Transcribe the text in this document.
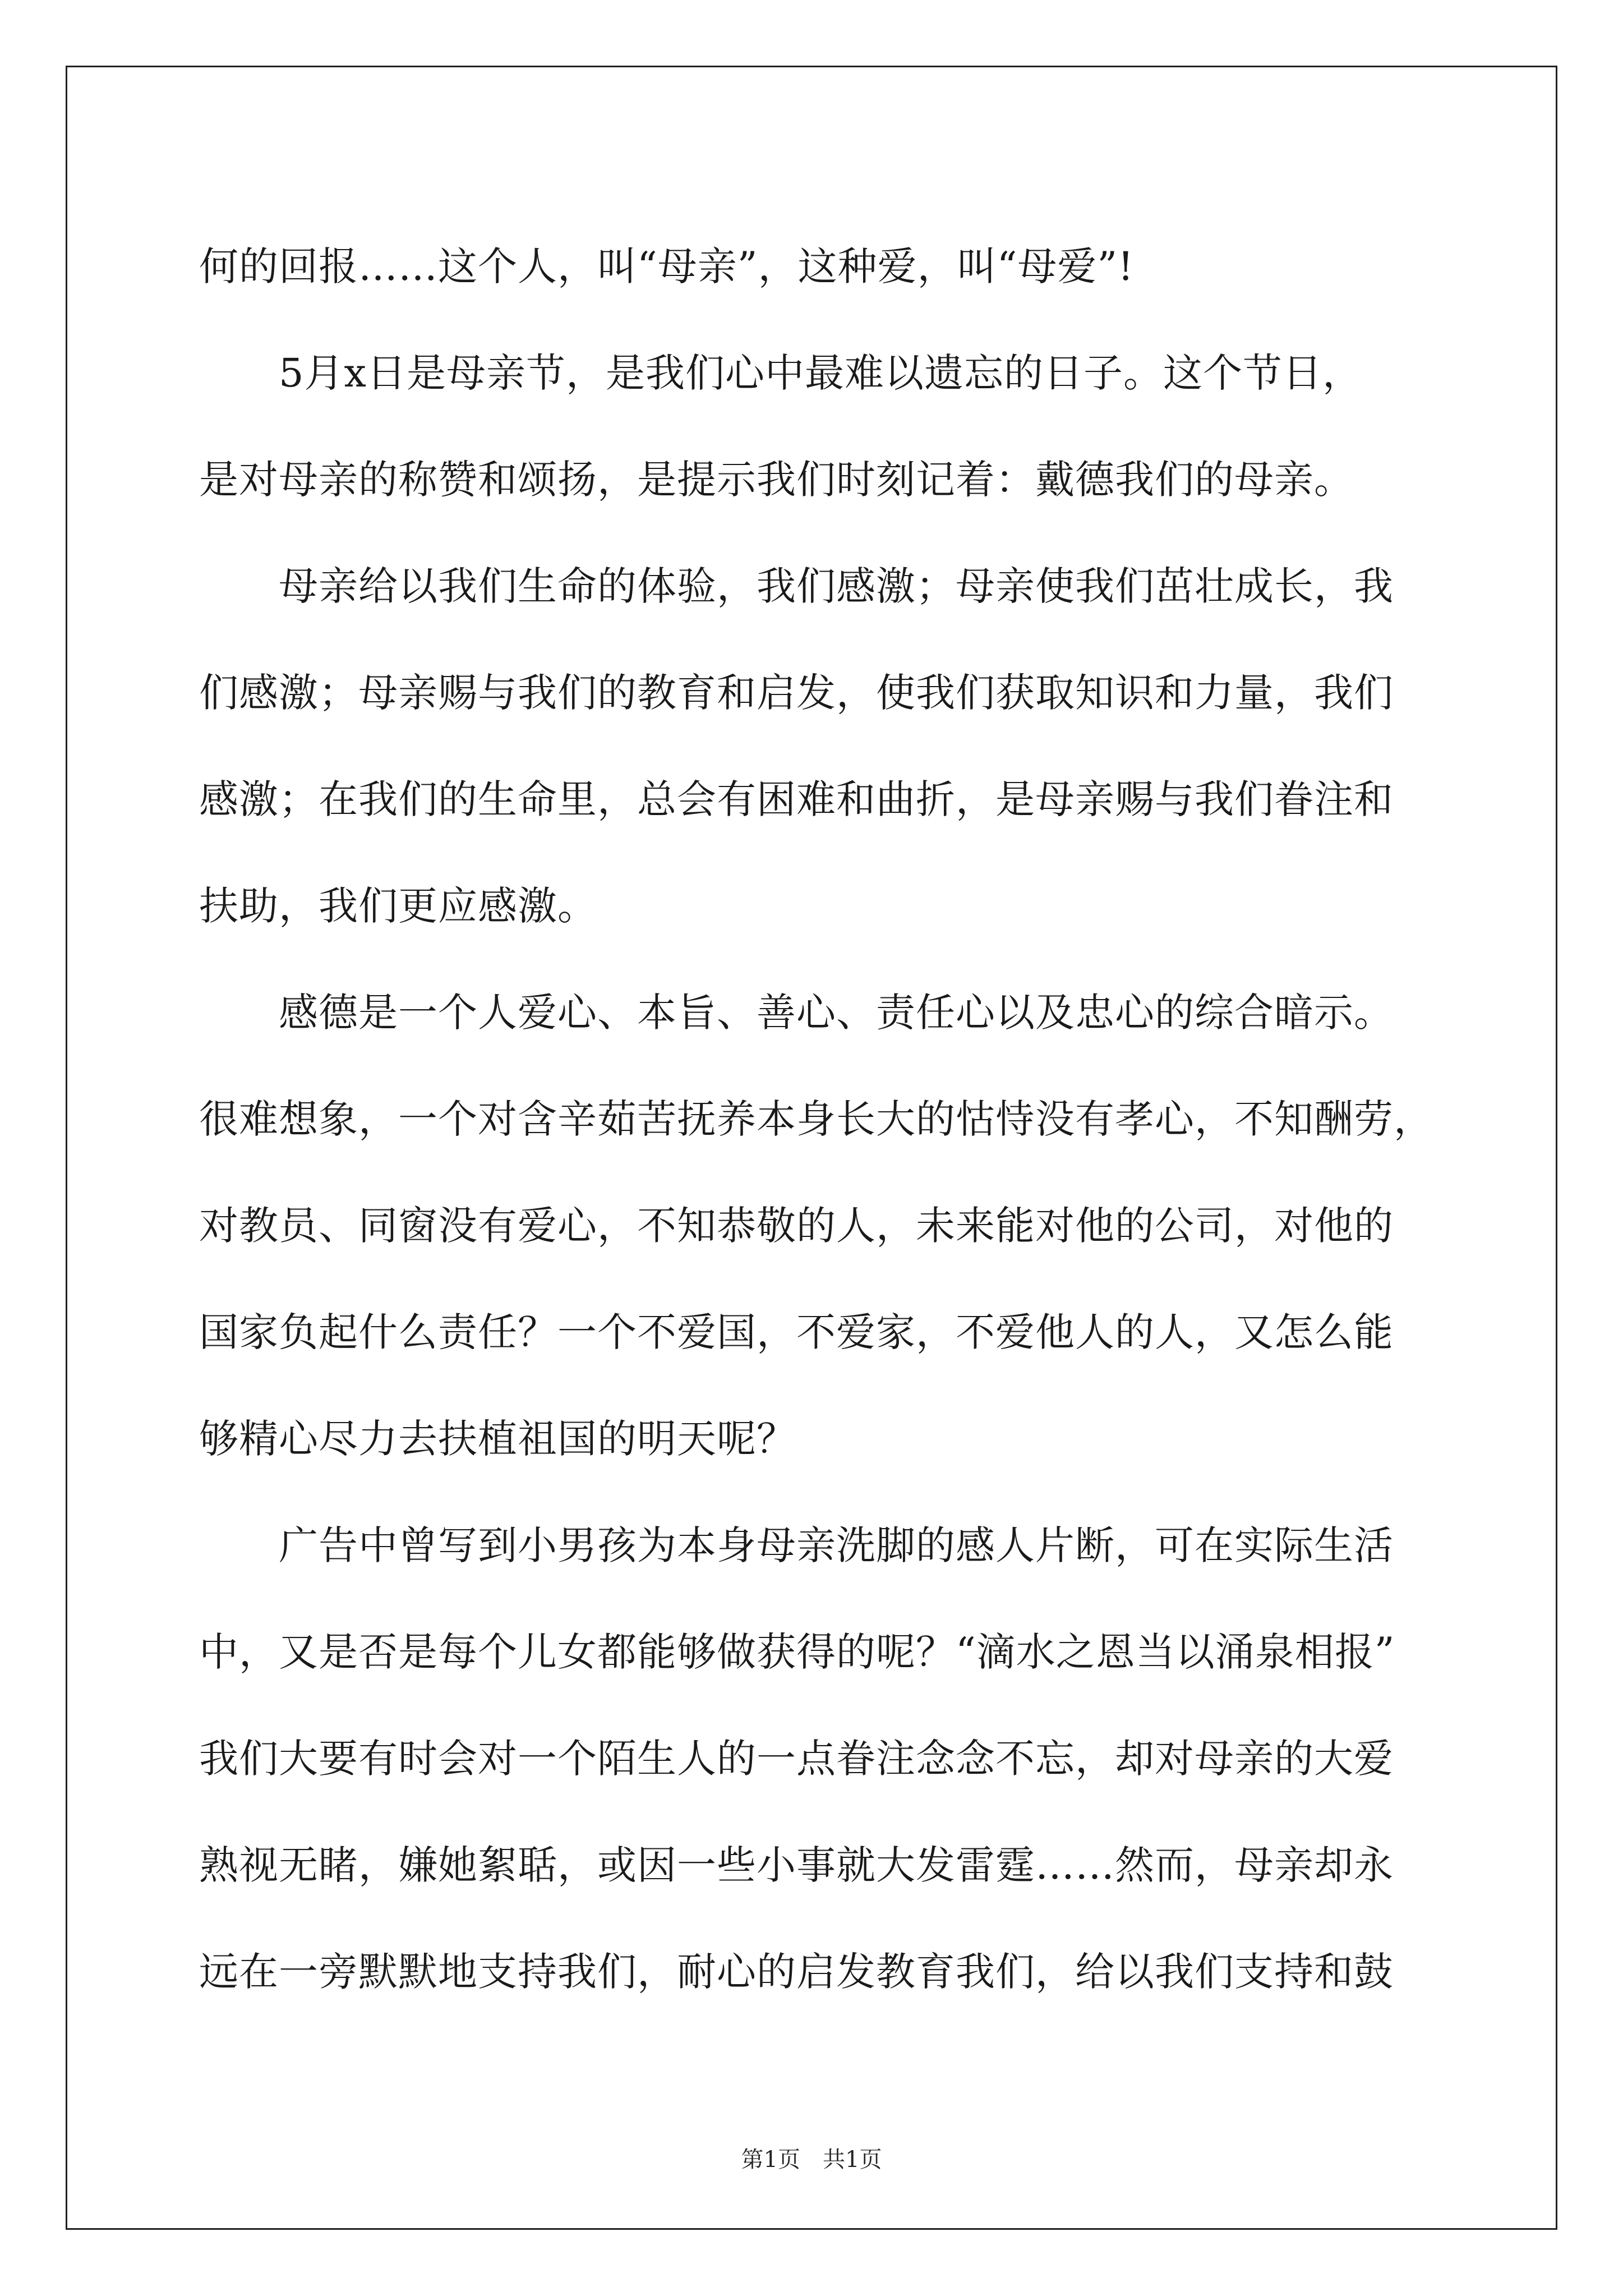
何的回报……这个人，叫“母亲”，这种爱，叫“母爱”!
　　5月x日是母亲节，是我们心中最难以遗忘的日子。这个节日，
是对母亲的称赞和颂扬，是提示我们时刻记着：戴德我们的母亲。
　　母亲给以我们生命的体验，我们感激；母亲使我们茁壮成长，我
们感激；母亲赐与我们的教育和启发，使我们获取知识和力量，我们
感激；在我们的生命里，总会有困难和曲折，是母亲赐与我们眷注和
扶助，我们更应感激。
　　感德是一个人爱心、本旨、善心、责任心以及忠心的综合暗示。
很难想象，一个对含辛茹苦抚养本身长大的怙恃没有孝心，不知酬劳，
对教员、同窗没有爱心，不知恭敬的人，未来能对他的公司，对他的
国家负起什么责任？一个不爱国，不爱家，不爱他人的人，又怎么能
够精心尽力去扶植祖国的明天呢？
　　广告中曾写到小男孩为本身母亲洗脚的感人片断，可在实际生活
中，又是否是每个儿女都能够做获得的呢？“滴水之恩当以涌泉相报”
我们大要有时会对一个陌生人的一点眷注念念不忘，却对母亲的大爱
熟视无睹，嫌她絮聒，或因一些小事就大发雷霆……然而，母亲却永
远在一旁默默地支持我们，耐心的启发教育我们，给以我们支持和鼓
第1页　共1页
